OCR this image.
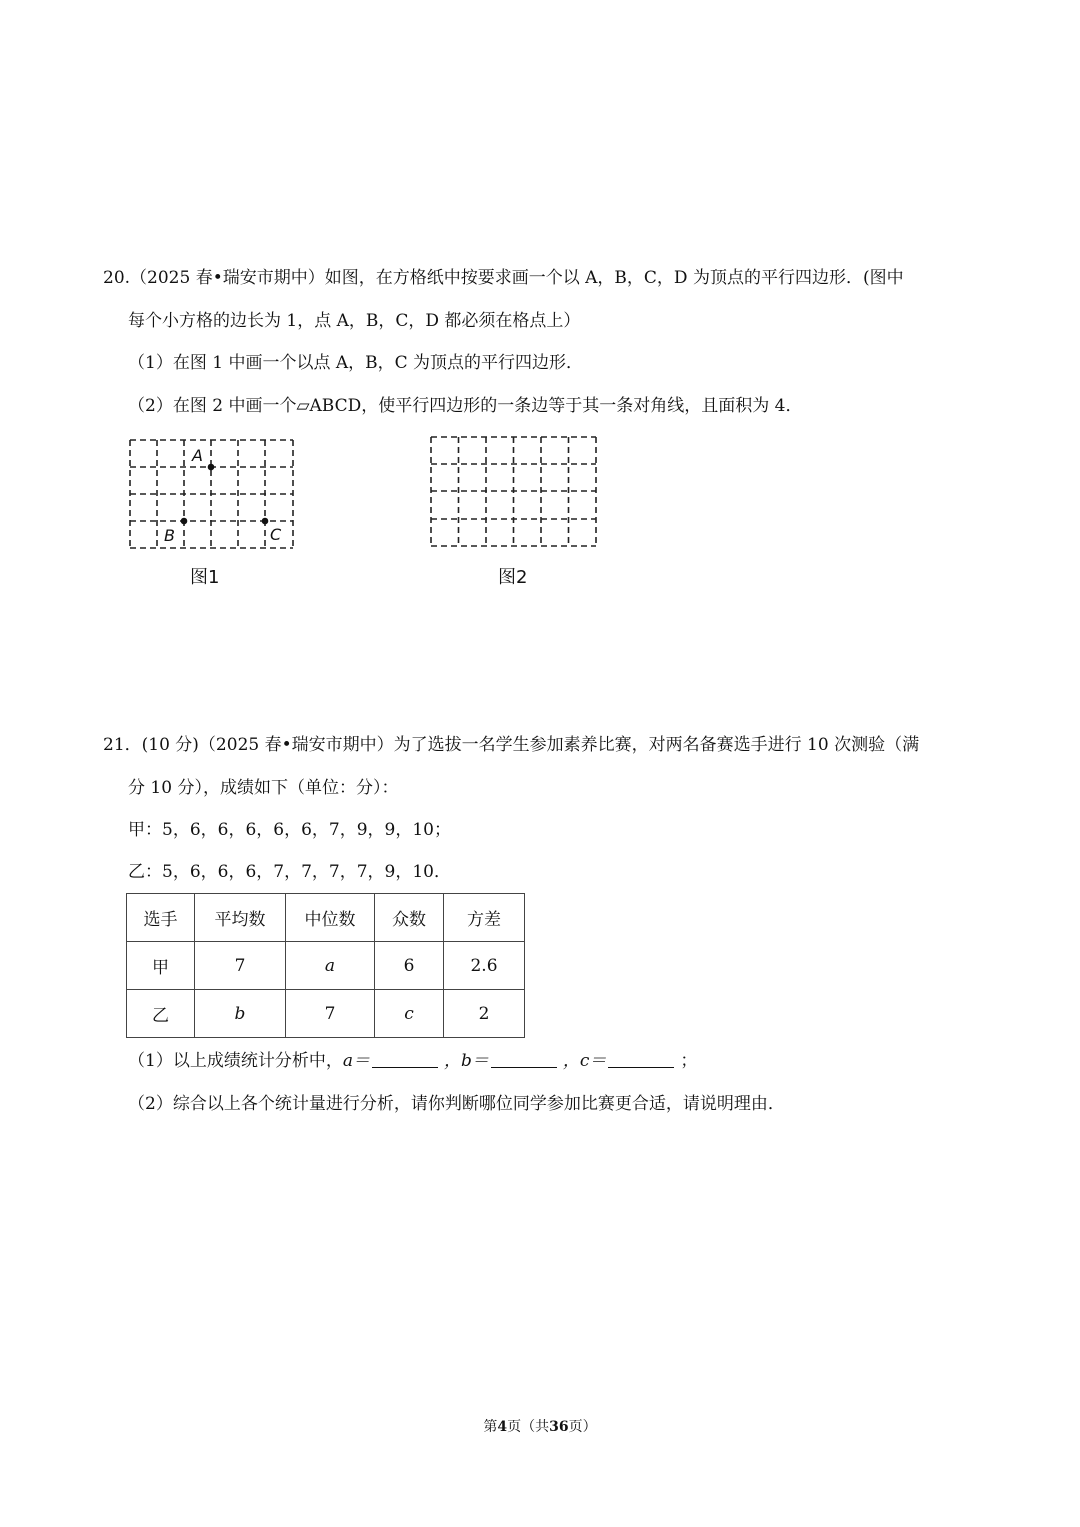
20.（2025 春•瑞安市期中）如图，在方格纸中按要求画一个以 A，B，C，D 为顶点的平行四边形．(图中
每个小方格的边长为 1，点 A，B，C，D 都必须在格点上）
（1）在图 1 中画一个以点 A，B，C 为顶点的平行四边形．
（2）在图 2 中画一个▱ABCD，使平行四边形的一条边等于其一条对角线，且面积为 4．
A
B	C
图1	图2
21．(10 分)（2025 春•瑞安市期中）为了选拔一名学生参加素养比赛，对两名备赛选手进行 10 次测验（满
分 10 分），成绩如下（单位：分）：
甲：5，6，6，6，6，6，7，9，9，10；
乙：5，6，6，6，7，7，7，7，9，10．
选手	平均数	中位数	众数	方差
甲	7	a	6	2.6
乙	b	7	c	2
（1）以上成绩统计分析中，a＝	，b＝	，c＝	；
（2）综合以上各个统计量进行分析，请你判断哪位同学参加比赛更合适，请说明理由．
第4页（共36页）
